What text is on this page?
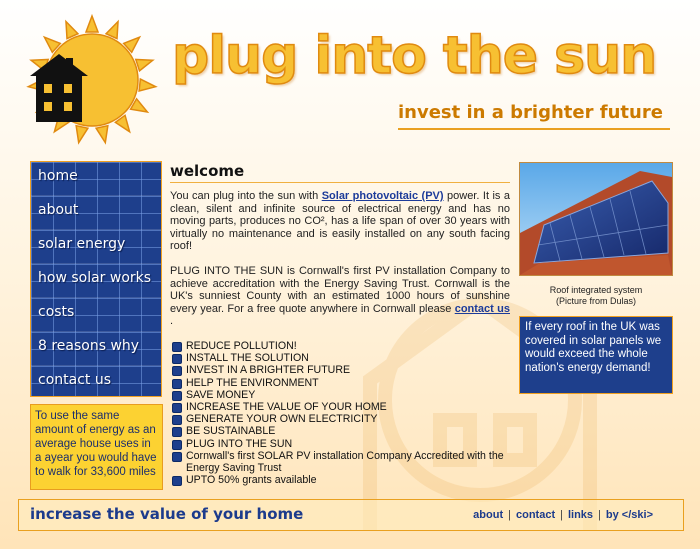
plug into the sun
invest in a brighter future
home
about
solar energy
how solar works
costs
8 reasons why
contact us
To use the same amount of energy as an average house uses in a ayear you would have to walk for 33,600 miles
welcome

You can plug into the sun with Solar photovoltaic (PV) power. It is a clean, silent and infinite source of electrical energy and has no moving parts, produces no CO², has a life span of over 30 years with virtually no maintenance and is easily installed on any south facing roof!

PLUG INTO THE SUN is Cornwall's first PV installation Company to achieve accreditation with the Energy Saving Trust. Cornwall is the UK's sunniest County with an estimated 1000 hours of sunshine every year. For a free quote anywhere in Cornwall please contact us .

REDUCE POLLUTION!
INSTALL THE SOLUTION
INVEST IN A BRIGHTER FUTURE
HELP THE ENVIRONMENT
SAVE MONEY
INCREASE THE VALUE OF YOUR HOME
GENERATE YOUR OWN ELECTRICITY
BE SUSTAINABLE
PLUG INTO THE SUN
Cornwall's first SOLAR PV installation Company Accredited with the Energy Saving Trust
UPTO 50% grants available
Roof integrated system
(Picture from Dulas)
If every roof in the UK was covered in solar panels we would exceed the whole nation's energy demand!
increase the value of your home	about | contact | links | by </ski>
